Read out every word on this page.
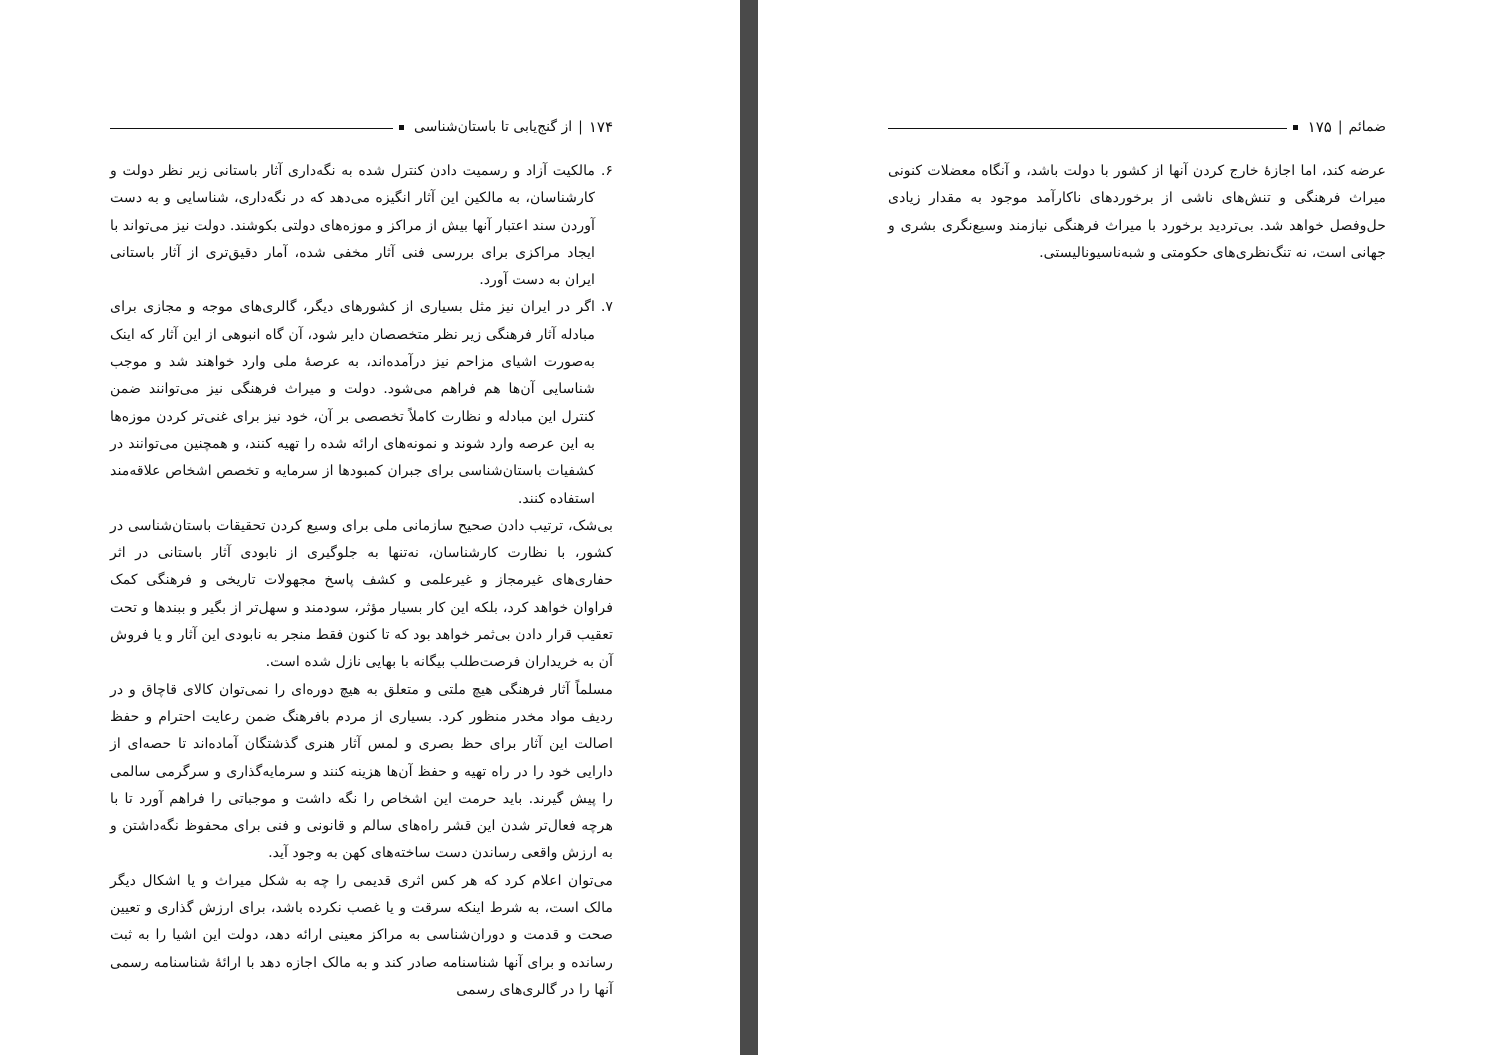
۱۷۴
|
از گنج‌یابی تا باستان‌شناسی
۶.
مالکیت آزاد و رسمیت دادن کنترل شده به نگه‌داری آثار باستانی زیر نظر دولت و کارشناسان، به مالکین این آثار انگیزه می‌دهد که در نگه‌داری، شناسایی و به دست آوردن سند اعتبار آنها بیش از مراکز و موزه‌های دولتی بکوشند. دولت نیز می‌تواند با ایجاد مراکزی برای بررسی فنی آثار مخفی شده، آمار دقیق‌تری از آثار باستانی ایران به دست آورد.
۷.
اگر در ایران نیز مثل بسیاری از کشورهای دیگر، گالری‌های موجه و مجازی برای مبادله آثار فرهنگی زیر نظر متخصصان دایر شود، آن گاه انبوهی از این آثار که اینک به‌صورت اشیای مزاحم نیز درآمده‌اند، به عرصهٔ ملی وارد خواهند شد و موجب شناسایی آن‌ها هم فراهم می‌شود. دولت و میراث فرهنگی نیز می‌توانند ضمن کنترل این مبادله و نظارت کاملاً تخصصی بر آن، خود نیز برای غنی‌تر کردن موزه‌ها به این عرصه وارد شوند و نمونه‌های ارائه شده را تهیه کنند، و همچنین می‌توانند در کشفیات باستان‌شناسی برای جبران کمبودها از سرمایه و تخصص اشخاص علاقه‌مند استفاده کنند.

بی‌شک، ترتیب دادن صحیح سازمانی ملی برای وسیع کردن تحقیقات باستان‌شناسی در کشور، با نظارت کارشناسان، نه‌تنها به جلوگیری از نابودی آثار باستانی در اثر حفاری‌های غیرمجاز و غیرعلمی و کشف پاسخ مجهولات تاریخی و فرهنگی کمک فراوان خواهد کرد، بلکه این کار بسیار مؤثر، سودمند و سهل‌تر از بگیر و ببندها و تحت تعقیب قرار دادن بی‌ثمر خواهد بود که تا کنون فقط منجر به نابودی این آثار و یا فروش آن به خریداران فرصت‌طلب بیگانه با بهایی نازل شده است.

مسلماً آثار فرهنگی هیچ ملتی و متعلق به هیچ دوره‌ای را نمی‌توان کالای قاچاق و در ردیف مواد مخدر منظور کرد. بسیاری از مردم بافرهنگ ضمن رعایت احترام و حفظ اصالت این آثار برای حظ بصری و لمس آثار هنری گذشتگان آماده‌اند تا حصه‌ای از دارایی خود را در راه تهیه و حفظ آن‌ها هزینه کنند و سرمایه‌گذاری و سرگرمی سالمی را پیش گیرند. باید حرمت این اشخاص را نگه داشت و موجباتی را فراهم آورد تا با هرچه فعال‌تر شدن این قشر راه‌های سالم و قانونی و فنی برای محفوظ نگه‌داشتن و به ارزش واقعی رساندن دست ساخته‌های کهن به وجود آید.

می‌توان اعلام کرد که هر کس اثری قدیمی را چه به شکل میراث و یا اشکال دیگر مالک است، به شرط اینکه سرقت و یا غصب نکرده باشد، برای ارزش گذاری و تعیین صحت و قدمت و دوران‌شناسی به مراکز معینی ارائه دهد، دولت این اشیا را به ثبت رسانده و برای آنها شناسنامه صادر کند و به مالک اجازه دهد با ارائهٔ شناسنامه رسمی آنها را در گالری‌های رسمی

ضمائم
|
۱۷۵

عرضه کند، اما اجازهٔ خارج کردن آنها از کشور با دولت باشد، و آنگاه معضلات کنونی میراث فرهنگی و تنش‌های ناشی از برخوردهای ناکارآمد موجود به مقدار زیادی حل‌وفصل خواهد شد. بی‌تردید برخورد با میراث فرهنگی نیازمند وسیع‌نگری بشری و جهانی است، نه تنگ‌نظری‌های حکومتی و شبه‌ناسیونالیستی.
